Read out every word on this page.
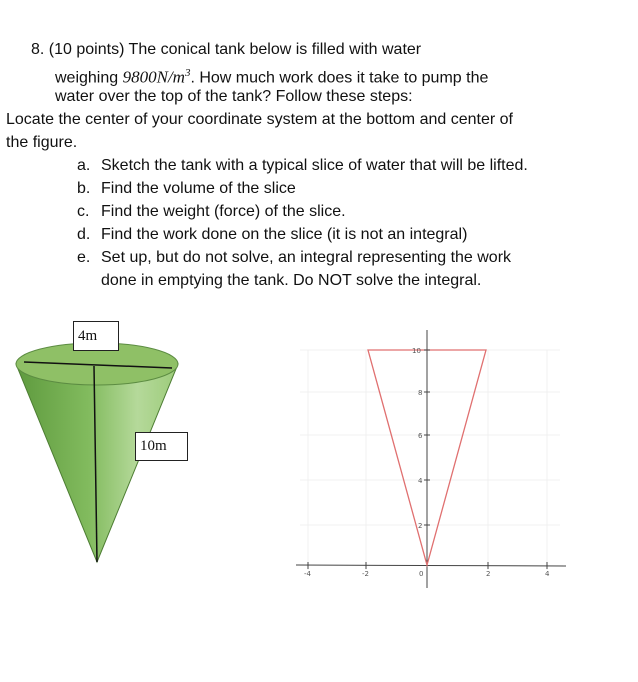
8. (10 points) The conical tank below is filled with water
weighing $9800N/m^3$. How much work does it take to pump the
water over the top of the tank? Follow these steps:
Locate the center of your coordinate system at the bottom and center of
the figure.
a. Sketch the tank with a typical slice of water that will be lifted.
b. Find the volume of the slice
c. Find the weight (force) of the slice.
d. Find the work done on the slice (it is not an integral)
e. Set up, but do not solve, an integral representing the work
done in emptying the tank. Do NOT solve the integral.
4m
10m
10
8
6
4
2
-4	-2	0	2	4
